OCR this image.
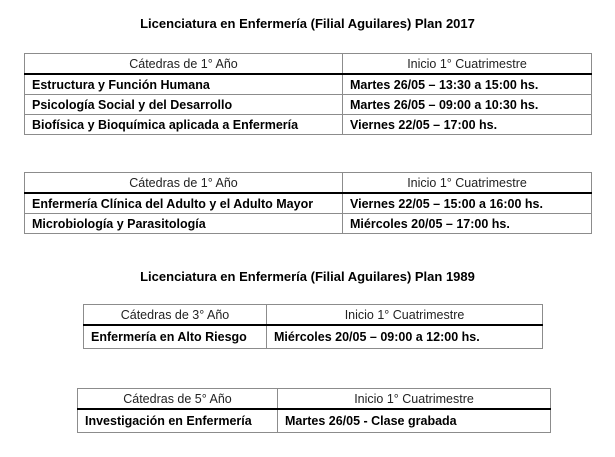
Licenciatura en Enfermería (Filial Aguilares) Plan 2017
Cátedras de 1° Año	Inicio 1° Cuatrimestre
Estructura y Función Humana	Martes 26/05 – 13:30 a 15:00 hs.
Psicología Social y del Desarrollo	Martes 26/05 – 09:00 a 10:30 hs.
Biofísica y Bioquímica aplicada a Enfermería	Viernes 22/05 – 17:00 hs.
Cátedras de 1° Año	Inicio 1° Cuatrimestre
Enfermería Clínica del Adulto y el Adulto Mayor	Viernes 22/05 – 15:00 a 16:00 hs.
Microbiología y Parasitología	Miércoles 20/05 – 17:00 hs.
Licenciatura en Enfermería (Filial Aguilares) Plan 1989
Cátedras de 3° Año	Inicio 1° Cuatrimestre
Enfermería en Alto Riesgo	Miércoles 20/05 – 09:00 a 12:00 hs.
Cátedras de 5° Año	Inicio 1° Cuatrimestre
Investigación en Enfermería	Martes 26/05 - Clase grabada
